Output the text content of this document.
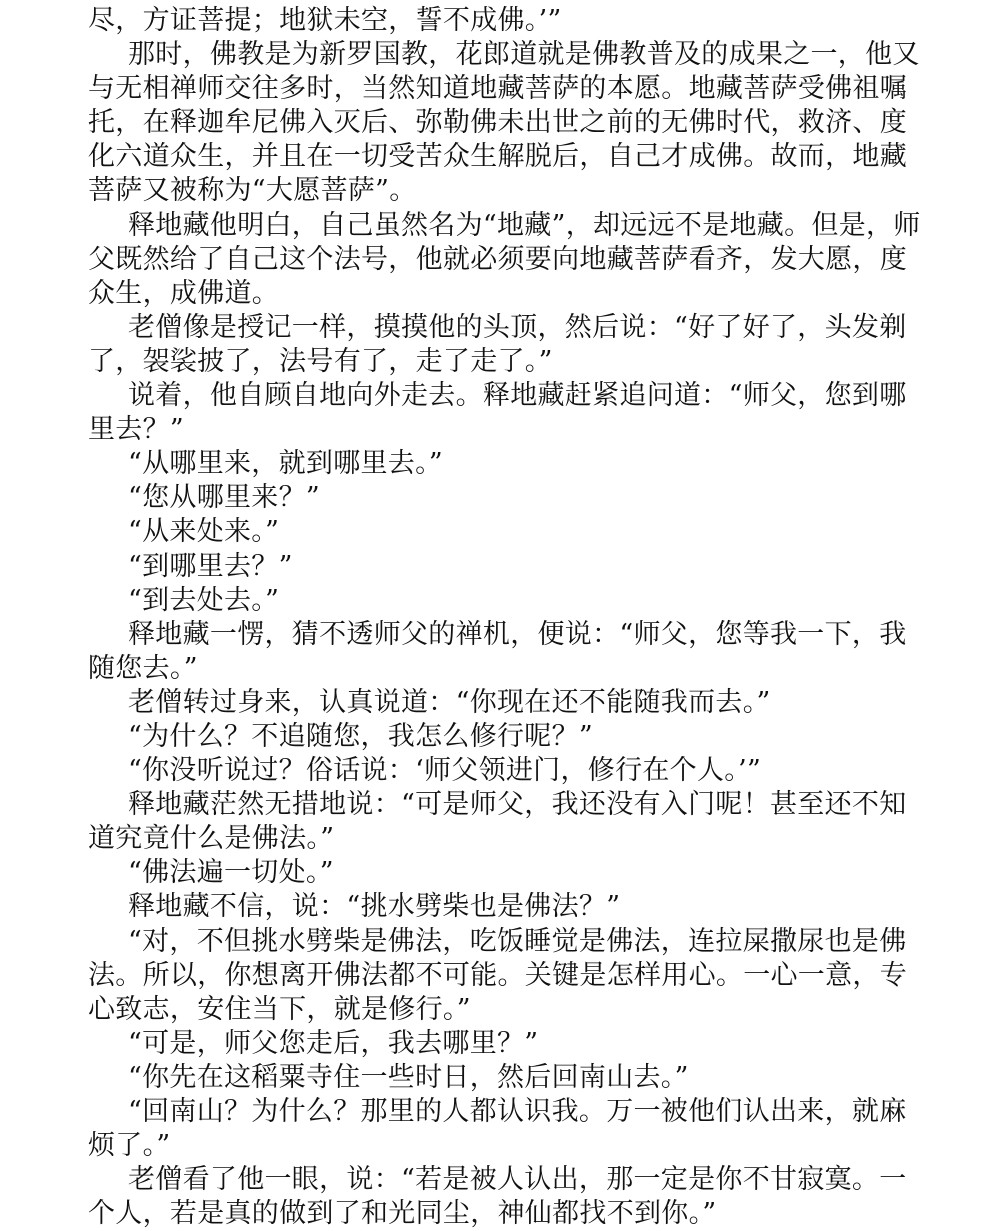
尽，方证菩提；地狱未空，誓不成佛。’”
那时，佛教是为新罗国教，花郎道就是佛教普及的成果之一，他又
与无相禅师交往多时，当然知道地藏菩萨的本愿。地藏菩萨受佛祖嘱
托，在释迦牟尼佛入灭后、弥勒佛未出世之前的无佛时代，救济、度
化六道众生，并且在一切受苦众生解脱后，自己才成佛。故而，地藏
菩萨又被称为“大愿菩萨”。
释地藏他明白，自己虽然名为“地藏”，却远远不是地藏。但是，师
父既然给了自己这个法号，他就必须要向地藏菩萨看齐，发大愿，度
众生，成佛道。
老僧像是授记一样，摸摸他的头顶，然后说：“好了好了，头发剃
了，袈裟披了，法号有了，走了走了。”
说着，他自顾自地向外走去。释地藏赶紧追问道：“师父，您到哪
里去？”
“从哪里来，就到哪里去。”
“您从哪里来？”
“从来处来。”
“到哪里去？”
“到去处去。”
释地藏一愣，猜不透师父的禅机，便说：“师父，您等我一下，我
随您去。”
老僧转过身来，认真说道：“你现在还不能随我而去。”
“为什么？不追随您，我怎么修行呢？”
“你没听说过？俗话说：‘师父领进门，修行在个人。’”
释地藏茫然无措地说：“可是师父，我还没有入门呢！甚至还不知
道究竟什么是佛法。”
“佛法遍一切处。”
释地藏不信，说：“挑水劈柴也是佛法？”
“对，不但挑水劈柴是佛法，吃饭睡觉是佛法，连拉屎撒尿也是佛
法。所以，你想离开佛法都不可能。关键是怎样用心。一心一意，专
心致志，安住当下，就是修行。”
“可是，师父您走后，我去哪里？”
“你先在这稻粟寺住一些时日，然后回南山去。”
“回南山？为什么？那里的人都认识我。万一被他们认出来，就麻
烦了。”
老僧看了他一眼，说：“若是被人认出，那一定是你不甘寂寞。一
个人，若是真的做到了和光同尘，神仙都找不到你。”
